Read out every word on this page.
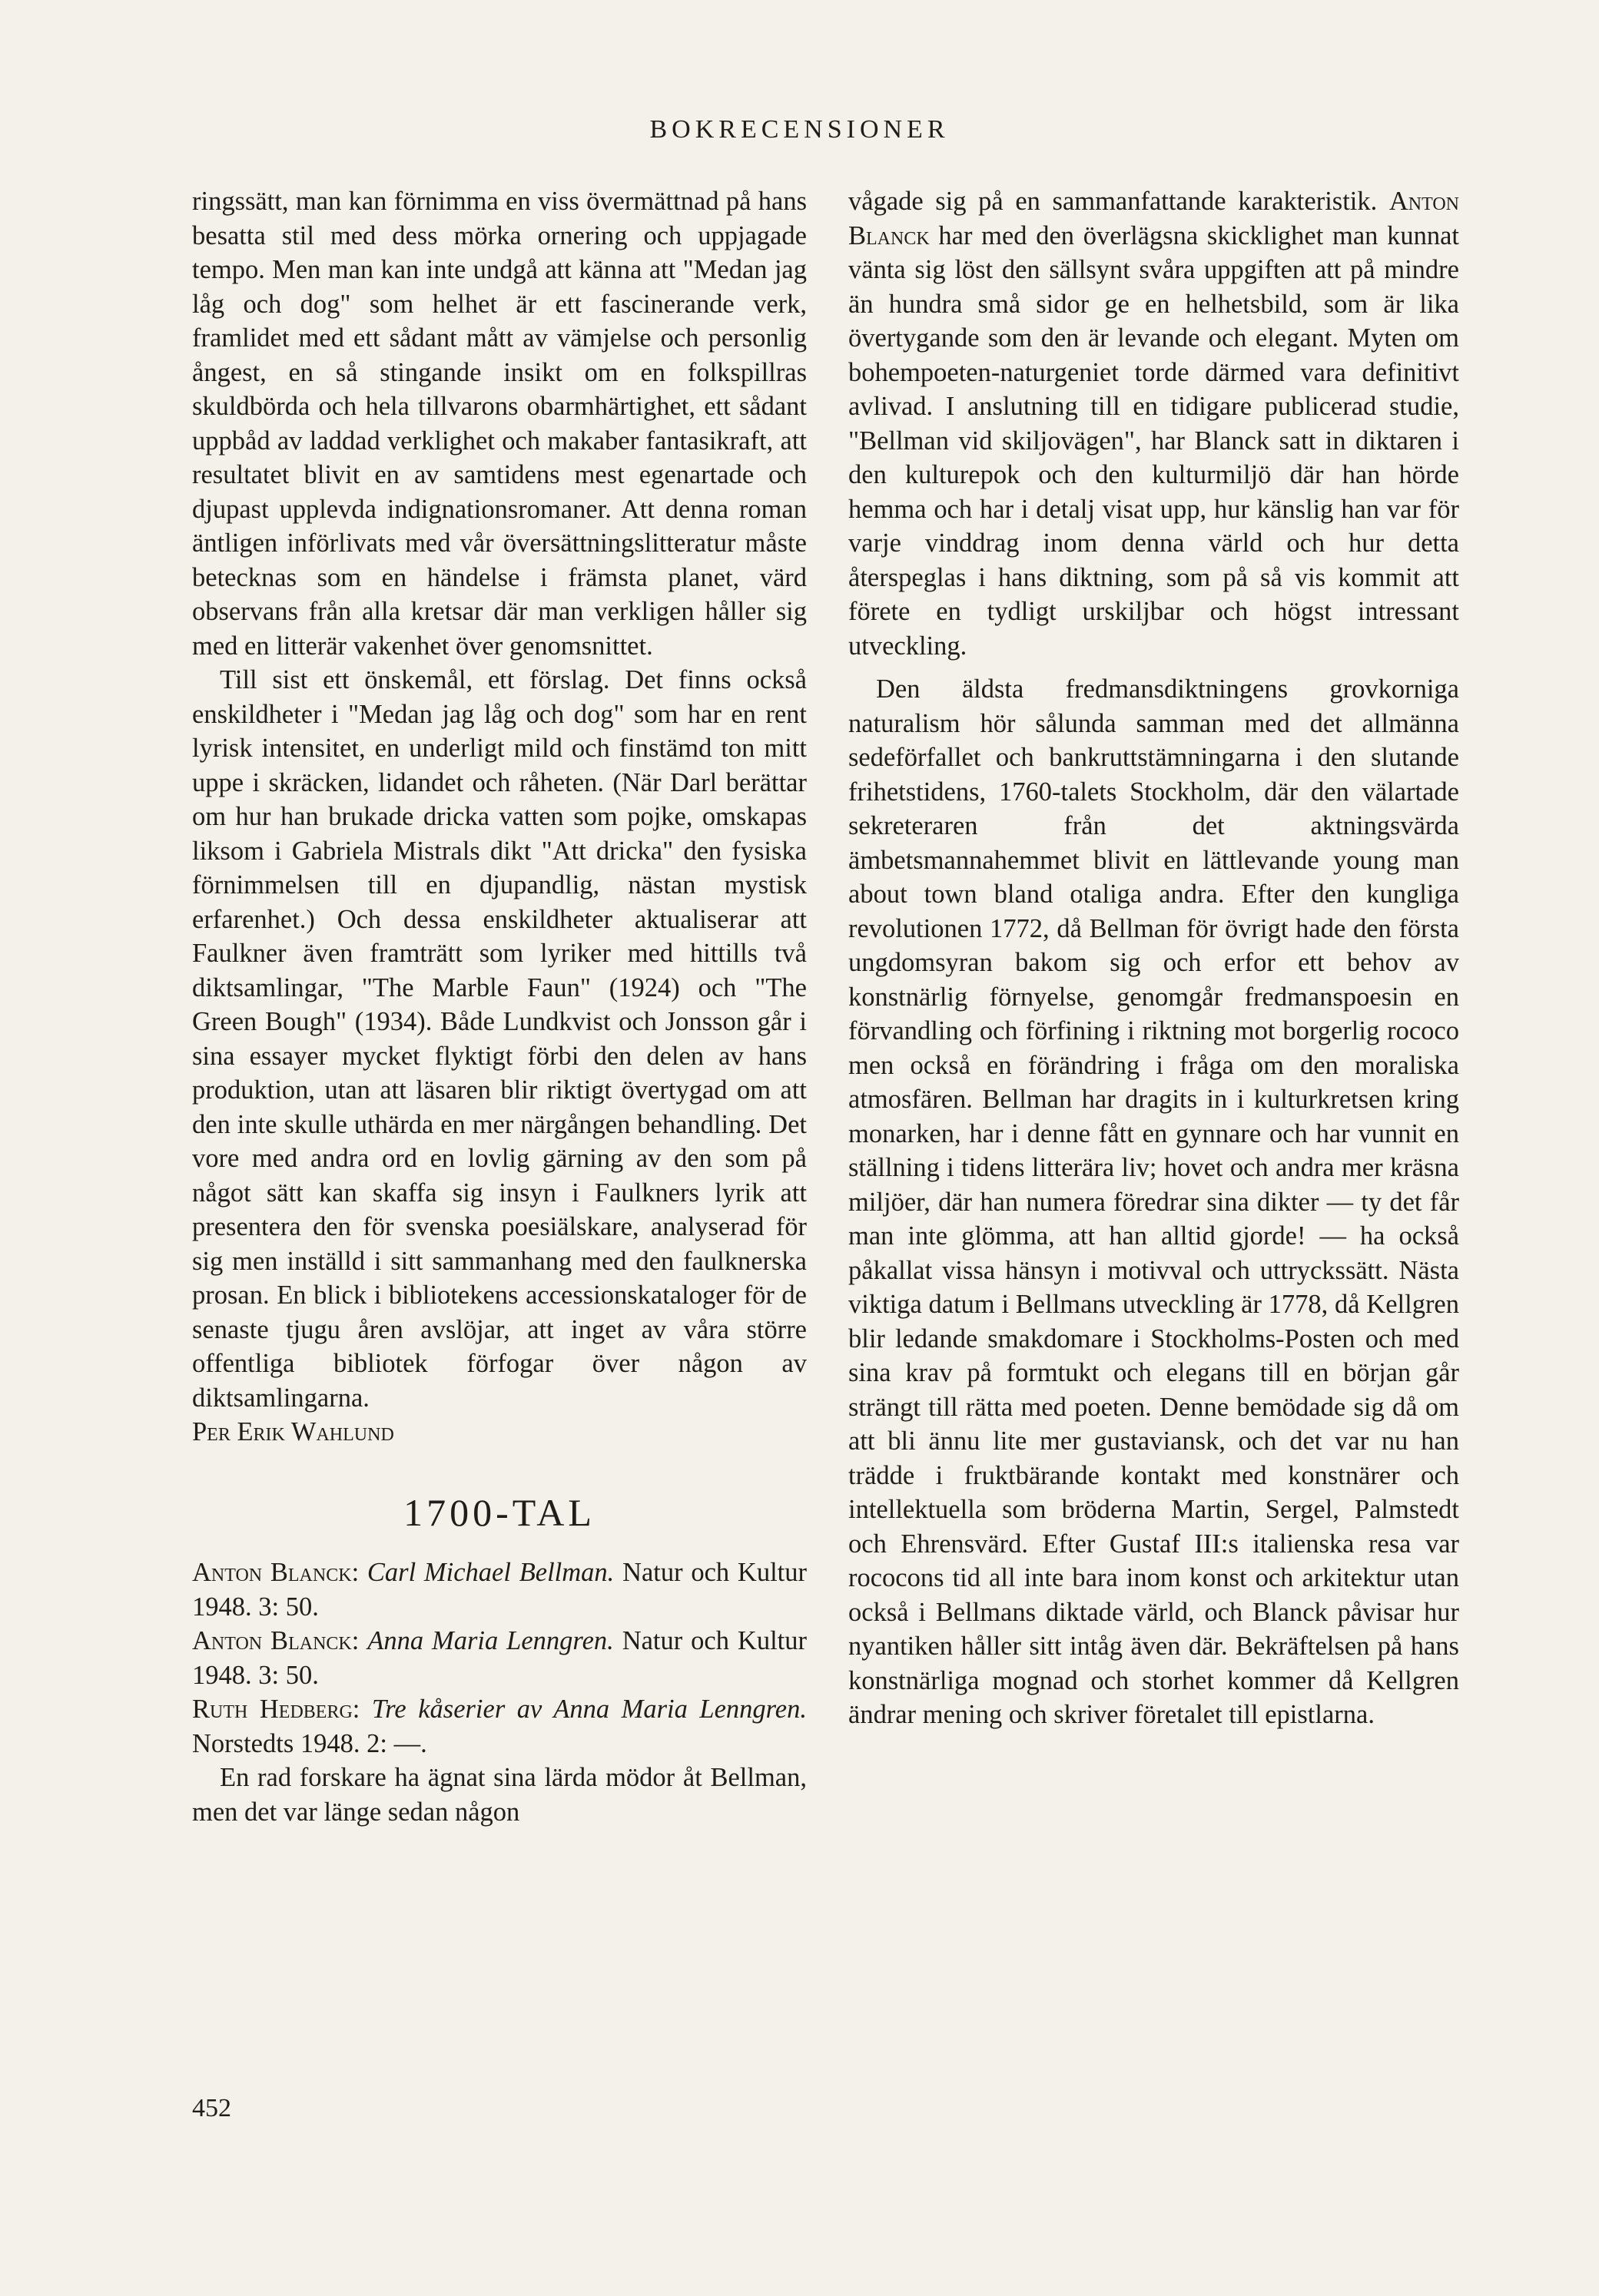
BOKRECENSIONER

ringssätt, man kan förnimma en viss övermättnad på hans besatta stil med dess mörka ornering och uppjagade tempo. Men man kan inte undgå att känna att "Medan jag låg och dog" som helhet är ett fascinerande verk, framlidet med ett sådant mått av vämjelse och personlig ångest, en så stingande insikt om en folkspillras skuldbörda och hela tillvarons obarmhärtighet, ett sådant uppbåd av laddad verklighet och makaber fantasikraft, att resultatet blivit en av samtidens mest egenartade och djupast upplevda indignationsromaner. Att denna roman äntligen införlivats med vår översättningslitteratur måste betecknas som en händelse i främsta planet, värd observans från alla kretsar där man verkligen håller sig med en litterär vakenhet över genomsnittet.

Till sist ett önskemål, ett förslag. Det finns också enskildheter i "Medan jag låg och dog" som har en rent lyrisk intensitet, en underligt mild och finstämd ton mitt uppe i skräcken, lidandet och råheten. (När Darl berättar om hur han brukade dricka vatten som pojke, omskapas liksom i Gabriela Mistrals dikt "Att dricka" den fysiska förnimmelsen till en djupandlig, nästan mystisk erfarenhet.) Och dessa enskildheter aktualiserar att Faulkner även framträtt som lyriker med hittills två diktsamlingar, "The Marble Faun" (1924) och "The Green Bough" (1934). Både Lundkvist och Jonsson går i sina essayer mycket flyktigt förbi den delen av hans produktion, utan att läsaren blir riktigt övertygad om att den inte skulle uthärda en mer närgången behandling. Det vore med andra ord en lovlig gärning av den som på något sätt kan skaffa sig insyn i Faulkners lyrik att presentera den för svenska poesiälskare, analyserad för sig men inställd i sitt sammanhang med den faulknerska prosan. En blick i bibliotekens accessionskataloger för de senaste tjugu åren avslöjar, att inget av våra större offentliga bibliotek förfogar över någon av diktsamlingarna.

Per Erik Wahlund

1700-TAL

Anton Blanck: Carl Michael Bellman. Natur och Kultur 1948. 3: 50.

Anton Blanck: Anna Maria Lenngren. Natur och Kultur 1948. 3: 50.

Ruth Hedberg: Tre kåserier av Anna Maria Lenngren. Norstedts 1948. 2: —.

En rad forskare ha ägnat sina lärda mödor åt Bellman, men det var länge sedan någon

vågade sig på en sammanfattande karakteristik. Anton Blanck har med den överlägsna skicklighet man kunnat vänta sig löst den sällsynt svåra uppgiften att på mindre än hundra små sidor ge en helhetsbild, som är lika övertygande som den är levande och elegant. Myten om bohempoeten-naturgeniet torde därmed vara definitivt avlivad. I anslutning till en tidigare publicerad studie, "Bellman vid skiljovägen", har Blanck satt in diktaren i den kulturepok och den kulturmiljö där han hörde hemma och har i detalj visat upp, hur känslig han var för varje vinddrag inom denna värld och hur detta återspeglas i hans diktning, som på så vis kommit att förete en tydligt urskiljbar och högst intressant utveckling.

Den äldsta fredmansdiktningens grovkorniga naturalism hör sålunda samman med det allmänna sedeförfallet och bankruttstämningarna i den slutande frihetstidens, 1760-talets Stockholm, där den välartade sekreteraren från det aktningsvärda ämbetsmannahemmet blivit en lättlevande young man about town bland otaliga andra. Efter den kungliga revolutionen 1772, då Bellman för övrigt hade den första ungdomsyran bakom sig och erfor ett behov av konstnärlig förnyelse, genomgår fredmanspoesin en förvandling och förfining i riktning mot borgerlig rococo men också en förändring i fråga om den moraliska atmosfären. Bellman har dragits in i kulturkretsen kring monarken, har i denne fått en gynnare och har vunnit en ställning i tidens litterära liv; hovet och andra mer kräsna miljöer, där han numera föredrar sina dikter — ty det får man inte glömma, att han alltid gjorde! — ha också påkallat vissa hänsyn i motivval och uttryckssätt. Nästa viktiga datum i Bellmans utveckling är 1778, då Kellgren blir ledande smakdomare i Stockholms-Posten och med sina krav på formtukt och elegans till en början går strängt till rätta med poeten. Denne bemödade sig då om att bli ännu lite mer gustaviansk, och det var nu han trädde i fruktbärande kontakt med konstnärer och intellektuella som bröderna Martin, Sergel, Palmstedt och Ehrensvärd. Efter Gustaf III:s italienska resa var rococons tid all inte bara inom konst och arkitektur utan också i Bellmans diktade värld, och Blanck påvisar hur nyantiken håller sitt intåg även där. Bekräftelsen på hans konstnärliga mognad och storhet kommer då Kellgren ändrar mening och skriver företalet till epistlarna.

452
